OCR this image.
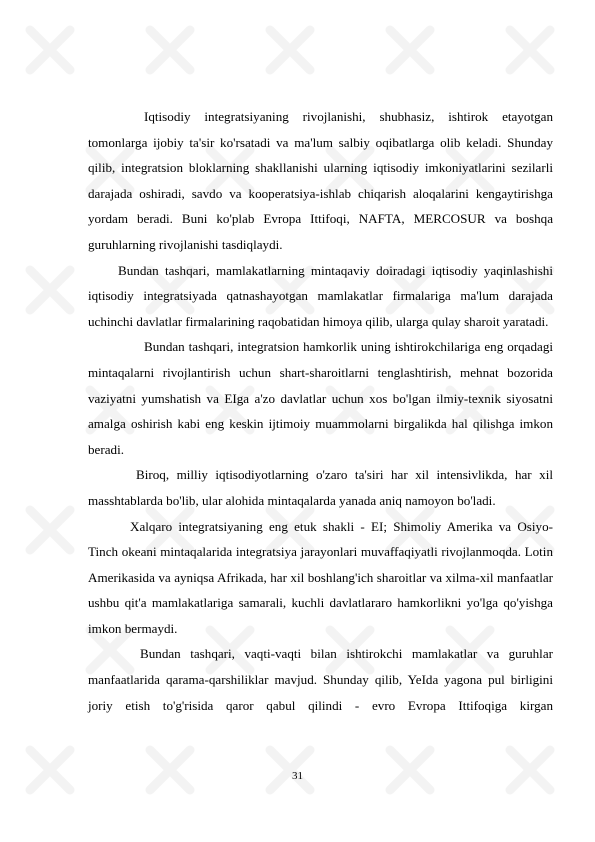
Iqtisodiy integratsiyaning rivojlanishi, shubhasiz, ishtirok etayotgan tomonlarga ijobiy ta'sir ko'rsatadi va ma'lum salbiy oqibatlarga olib keladi. Shunday qilib, integratsion bloklarning shakllanishi ularning iqtisodiy imkoniyatlarini sezilarli darajada oshiradi, savdo va kooperatsiya-ishlab chiqarish aloqalarini kengaytirishga yordam beradi. Buni ko'plab Evropa Ittifoqi, NAFTA, MERCOSUR va boshqa guruhlarning rivojlanishi tasdiqlaydi.

Bundan tashqari, mamlakatlarning mintaqaviy doiradagi iqtisodiy yaqinlashishi iqtisodiy integratsiyada qatnashayotgan mamlakatlar firmalariga ma'lum darajada uchinchi davlatlar firmalarining raqobatidan himoya qilib, ularga qulay sharoit yaratadi.

Bundan tashqari, integratsion hamkorlik uning ishtirokchilariga eng orqadagi mintaqalarni rivojlantirish uchun shart-sharoitlarni tenglashtirish, mehnat bozorida vaziyatni yumshatish va EIga a'zo davlatlar uchun xos bo'lgan ilmiy-texnik siyosatni amalga oshirish kabi eng keskin ijtimoiy muammolarni birgalikda hal qilishga imkon beradi.

Biroq, milliy iqtisodiyotlarning o'zaro ta'siri har xil intensivlikda, har xil masshtablarda bo'lib, ular alohida mintaqalarda yanada aniq namoyon bo'ladi.

Xalqaro integratsiyaning eng etuk shakli - EI; Shimoliy Amerika va Osiyo-Tinch okeani mintaqalarida integratsiya jarayonlari muvaffaqiyatli rivojlanmoqda. Lotin Amerikasida va ayniqsa Afrikada, har xil boshlang'ich sharoitlar va xilma-xil manfaatlar ushbu qit'a mamlakatlariga samarali, kuchli davlatlararo hamkorlikni yo'lga qo'yishga imkon bermaydi.

Bundan tashqari, vaqti-vaqti bilan ishtirokchi mamlakatlar va guruhlar manfaatlarida qarama-qarshiliklar mavjud. Shunday qilib, YeIda yagona pul birligini joriy etish to'g'risida qaror qabul qilindi - evro Evropa Ittifoqiga kirgan

31
